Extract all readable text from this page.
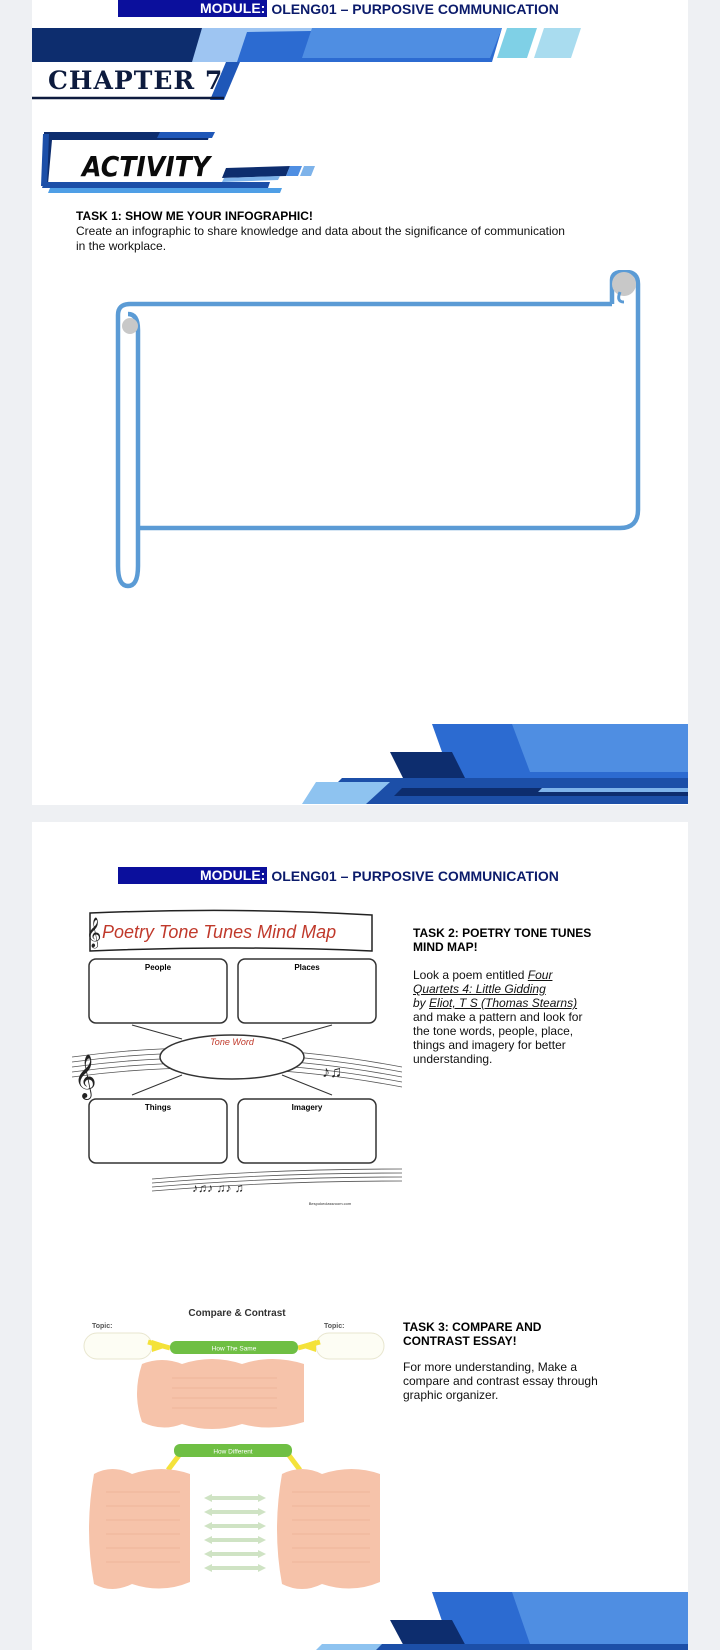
MODULE: OLENG01 – PURPOSIVE COMMUNICATION
CHAPTER 7
ACTIVITY
TASK 1: SHOW ME YOUR INFOGRAPHIC!
Create an infographic to share knowledge and data about the significance of communication
in the workplace.
MODULE: OLENG01 – PURPOSIVE COMMUNICATION
𝄞 Poetry Tone Tunes Mind Map
People	Places
𝄞	♪♫
♪♫♪ ♫♪ ♫
Tone Word
Things	Imagery
Bespokeclassroom.com
TASK 2: POETRY TONE TUNES
MIND MAP!
Look a poem entitled Four
Quartets 4: Little Gidding
by Eliot, T S (Thomas Stearns)
and make a pattern and look for
the tone words, people, place,
things and imagery for better
understanding.
Compare & Contrast
Topic:	Topic:
How The Same
How Different
TASK 3: COMPARE AND
CONTRAST ESSAY!
For more understanding, Make a
compare and contrast essay through
graphic organizer.
